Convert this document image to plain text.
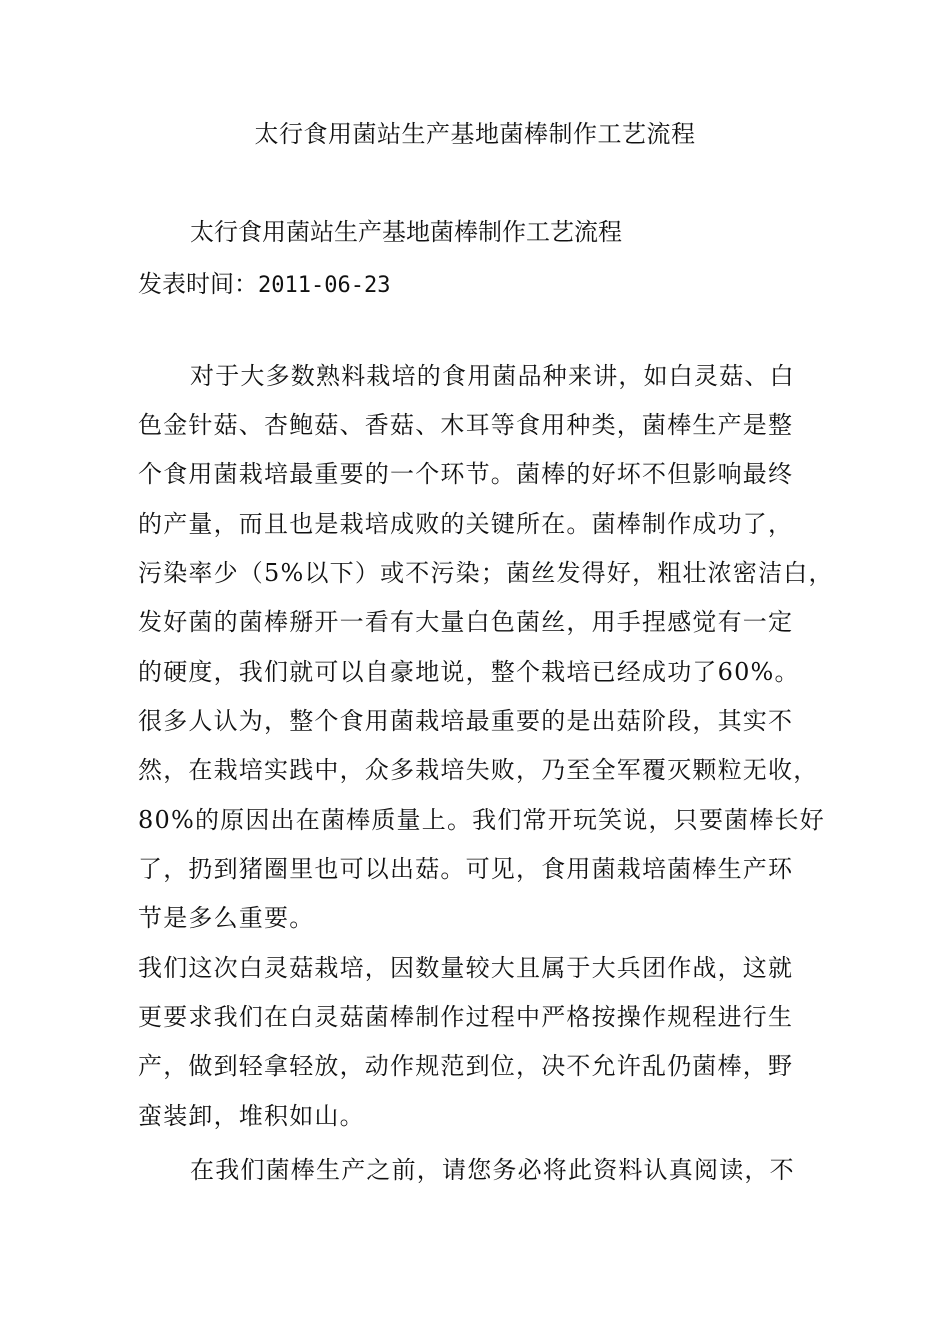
太行食用菌站生产基地菌棒制作工艺流程
太行食用菌站生产基地菌棒制作工艺流程
发表时间：2011-06-23
对于大多数熟料栽培的食用菌品种来讲，如白灵菇、白
色金针菇、杏鲍菇、香菇、木耳等食用种类，菌棒生产是整
个食用菌栽培最重要的一个环节。菌棒的好坏不但影响最终
的产量，而且也是栽培成败的关键所在。菌棒制作成功了，
污染率少（5%以下）或不污染；菌丝发得好，粗壮浓密洁白，
发好菌的菌棒掰开一看有大量白色菌丝，用手捏感觉有一定
的硬度，我们就可以自豪地说，整个栽培已经成功了60%。
很多人认为，整个食用菌栽培最重要的是出菇阶段，其实不
然，在栽培实践中，众多栽培失败，乃至全军覆灭颗粒无收，
80%的原因出在菌棒质量上。我们常开玩笑说，只要菌棒长好
了，扔到猪圈里也可以出菇。可见，食用菌栽培菌棒生产环
节是多么重要。
我们这次白灵菇栽培，因数量较大且属于大兵团作战，这就
更要求我们在白灵菇菌棒制作过程中严格按操作规程进行生
产，做到轻拿轻放，动作规范到位，决不允许乱仍菌棒，野
蛮装卸，堆积如山。
在我们菌棒生产之前，请您务必将此资料认真阅读，不
